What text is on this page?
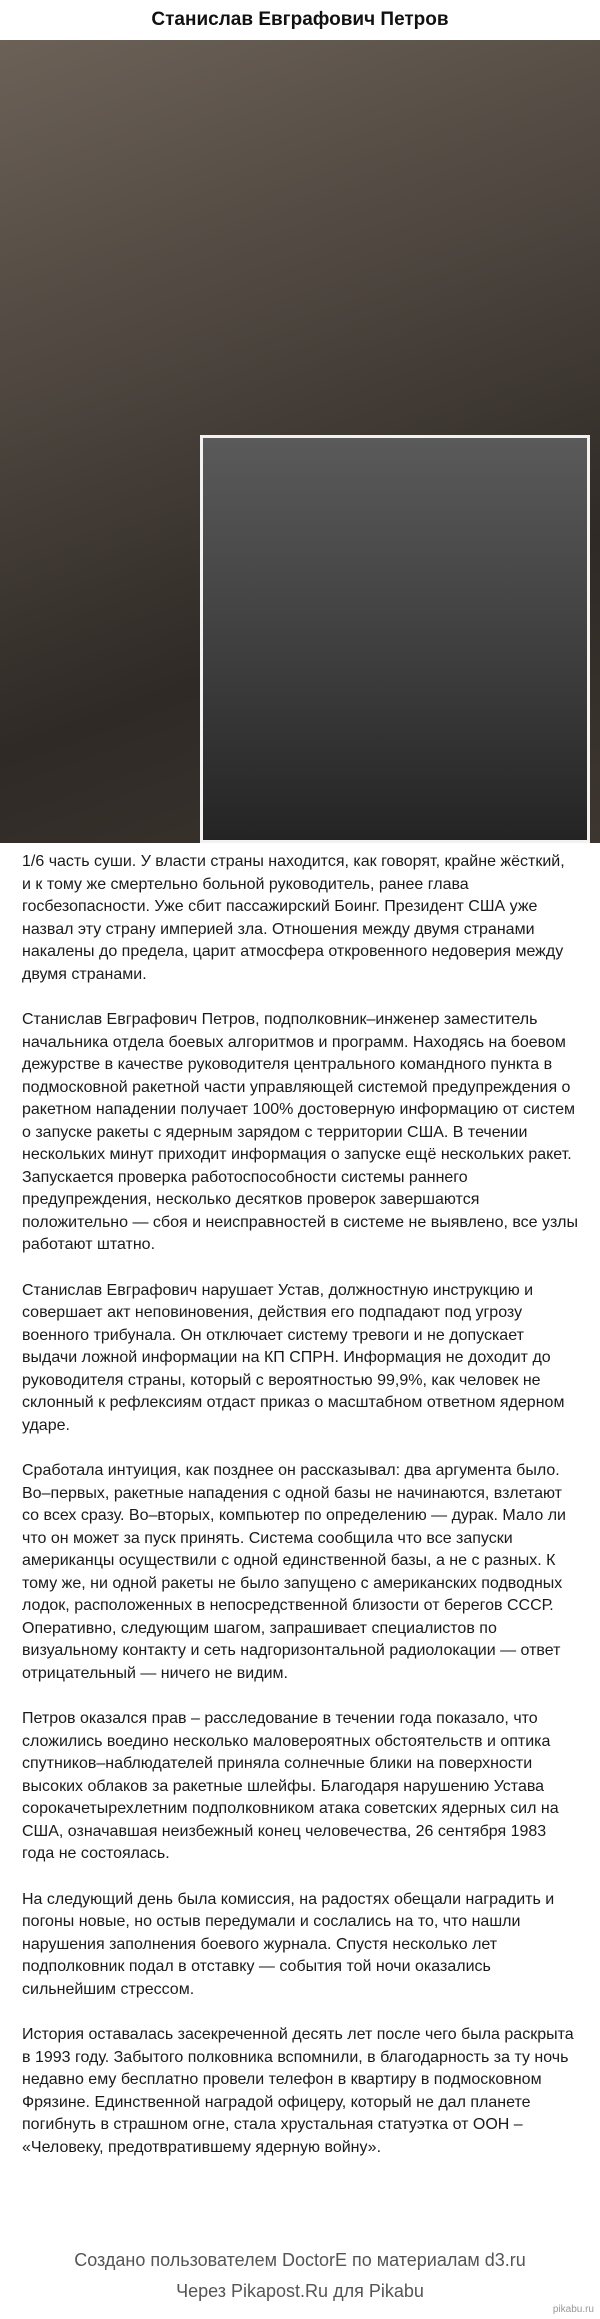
Станислав Евграфович Петров

1/6 часть суши. У власти страны находится, как говорят, крайне жёсткий, и к тому же смертельно больной руководитель, ранее глава госбезопасности. Уже сбит пассажирский Боинг. Президент США уже назвал эту страну империей зла. Отношения между двумя странами накалены до предела, царит атмосфера откровенного недоверия между двумя странами.

Станислав Евграфович Петров, подполковник–инженер заместитель начальника отдела боевых алгоритмов и программ. Находясь на боевом дежурстве в качестве руководителя центрального командного пункта в подмосковной ракетной части управляющей системой предупреждения о ракетном нападении получает 100% достоверную информацию от систем о запуске ракеты с ядерным зарядом с территории США. В течении нескольких минут приходит информация о запуске ещё нескольких ракет. Запускается проверка работоспособности системы раннего предупреждения, несколько десятков проверок завершаются положительно — сбоя и неисправностей в системе не выявлено, все узлы работают штатно.

Станислав Евграфович нарушает Устав, должностную инструкцию и совершает акт неповиновения, действия его подпадают под угрозу военного трибунала. Он отключает систему тревоги и не допускает выдачи ложной информации на КП СПРН. Информация не доходит до руководителя страны, который с вероятностью 99,9%, как человек не склонный к рефлексиям отдаст приказ о масштабном ответном ядерном ударе.

Сработала интуиция, как позднее он рассказывал: два аргумента было. Во–первых, ракетные нападения с одной базы не начинаются, взлетают со всех сразу. Во–вторых, компьютер по определению — дурак. Мало ли что он может за пуск принять. Система сообщила что все запуски американцы осуществили с одной единственной базы, а не с разных. К тому же, ни одной ракеты не было запущено с американских подводных лодок, расположенных в непосредственной близости от берегов СССР. Оперативно, следующим шагом, запрашивает специалистов по визуальному контакту и сеть надгоризонтальной радиолокации — ответ отрицательный — ничего не видим.

Петров оказался прав – расследование в течении года показало, что сложились воедино несколько маловероятных обстоятельств и оптика спутников–наблюдателей приняла солнечные блики на поверхности высоких облаков за ракетные шлейфы. Благодаря нарушению Устава сорокачетырехлетним подполковником атака советских ядерных сил на США, означавшая неизбежный конец человечества, 26 сентября 1983 года не состоялась.

На следующий день была комиссия, на радостях обещали наградить и погоны новые, но остыв передумали и сослались на то, что нашли нарушения заполнения боевого журнала. Спустя несколько лет подполковник подал в отставку — события той ночи оказались сильнейшим стрессом.

История оставалась засекреченной десять лет после чего была раскрыта в 1993 году. Забытого полковника вспомнили, в благодарность за ту ночь недавно ему бесплатно провели телефон в квартиру в подмосковном Фрязине. Единственной наградой офицеру, который не дал планете погибнуть в страшном огне, стала хрустальная статуэтка от ООН – «Человеку, предотвратившему ядерную войну».

Создано пользователем DoctorE по материалам d3.ru
Через Pikapost.Ru для Pikabu
pikabu.ru
